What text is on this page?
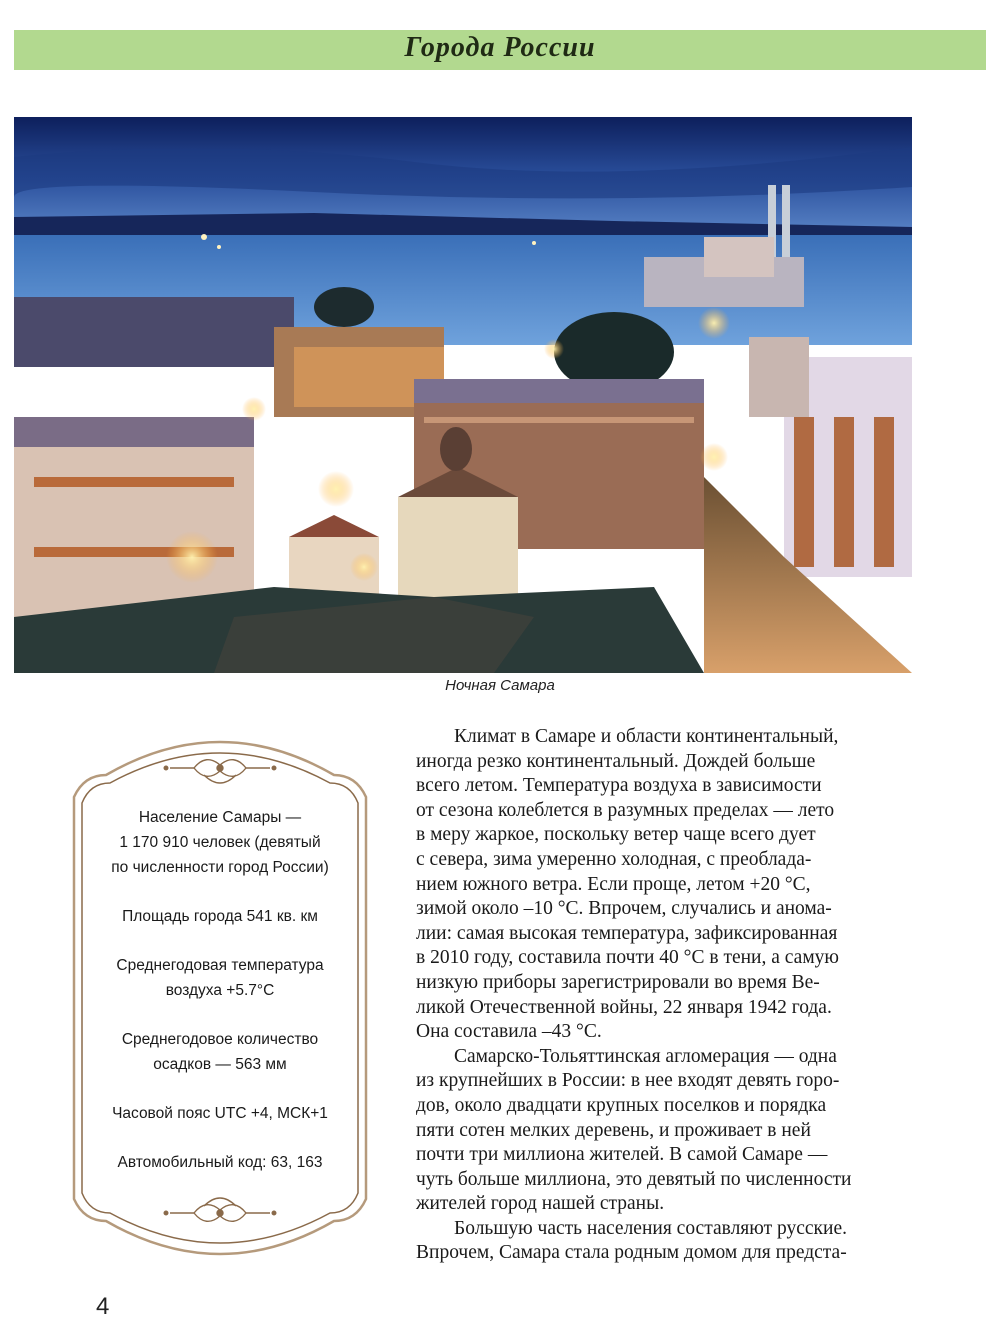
Города России
Ночная Самара
Население Самары —
1 170 910 человек (девятый
по численности город России)
Площадь города 541 кв. км
Среднегодовая температура
воздуха +5.7°С
Среднегодовое количество
осадков — 563 мм
Часовой пояс UTC +4, МСК+1
Автомобильный код: 63, 163

Климат в Самаре и области континентальный,
иногда резко континентальный. Дождей больше
всего летом. Температура воздуха в зависимости
от сезона колеблется в разумных пределах — лето
в меру жаркое, поскольку ветер чаще всего дует
с севера, зима умеренно холодная, с преоблада-
нием южного ветра. Если проще, летом +20 °С,
зимой около –10 °С. Впрочем, случались и анома-
лии: самая высокая температура, зафиксированная
в 2010 году, составила почти 40 °С в тени, а самую
низкую приборы зарегистрировали во время Ве-
ликой Отечественной войны, 22 января 1942 года.
Она составила –43 °С.

Самарско-Тольяттинская агломерация — одна
из крупнейших в России: в нее входят девять горо-
дов, около двадцати крупных поселков и порядка
пяти сотен мелких деревень, и проживает в ней
почти три миллиона жителей. В самой Самаре —
чуть больше миллиона, это девятый по численности
жителей город нашей страны.

Большую часть населения составляют русские.
Впрочем, Самара стала родным домом для предста-

4
